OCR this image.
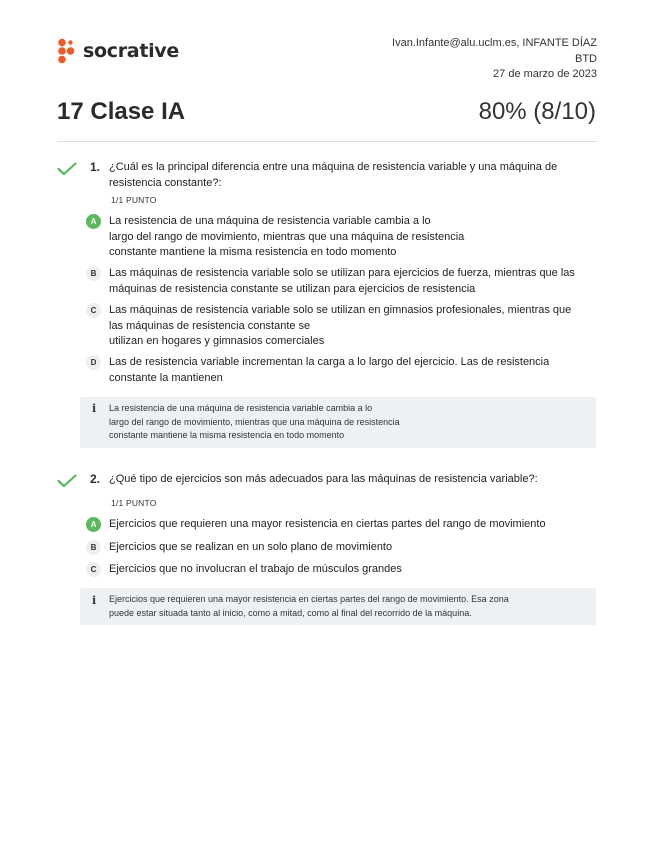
socrative	Ivan.Infante@alu.uclm.es, INFANTE DÍAZ
BTD
27 de marzo de 2023
17 Clase IA	80% (8/10)
1. ¿Cuál es la principal diferencia entre una máquina de resistencia variable y una máquina de resistencia constante?:
1/1 PUNTO
A	La resistencia de una máquina de resistencia variable cambia a lo
largo del rango de movimiento, mientras que una máquina de resistencia
constante mantiene la misma resistencia en todo momento
B	Las máquinas de resistencia variable solo se utilizan para ejercicios de fuerza, mientras que las
máquinas de resistencia constante se utilizan para ejercicios de resistencia
C	Las máquinas de resistencia variable solo se utilizan en gimnasios profesionales, mientras que
las máquinas de resistencia constante se
utilizan en hogares y gimnasios comerciales
D	Las de resistencia variable incrementan la carga a lo largo del ejercicio. Las de resistencia
constante la mantienen
i La resistencia de una máquina de resistencia variable cambia a lo
largo del rango de movimiento, mientras que una máquina de resistencia
constante mantiene la misma resistencia en todo momento
2. ¿Qué tipo de ejercicios son más adecuados para las máquinas de resistencia variable?:
1/1 PUNTO
A	Ejercicios que requieren una mayor resistencia en ciertas partes del rango de movimiento
B	Ejercicios que se realizan en un solo plano de movimiento
C	Ejercicios que no involucran el trabajo de músculos grandes
i Ejercicios que requieren una mayor resistencia en ciertas partes del rango de movimiento. Esa zona
puede estar situada tanto al inicio, como a mitad, como al final del recorrido de la máquina.
